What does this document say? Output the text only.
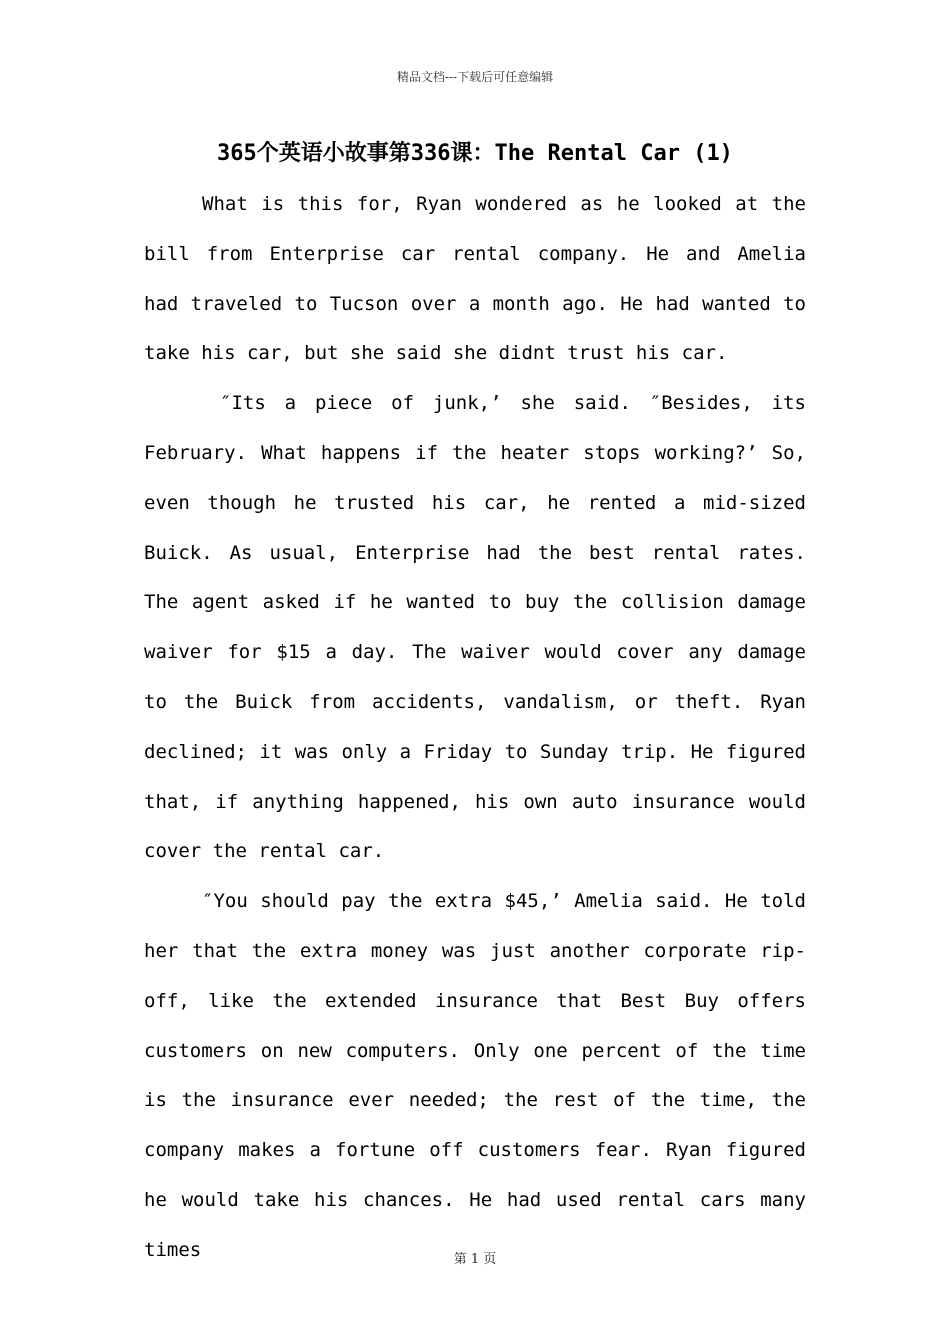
精品文档---下载后可任意编辑
365个英语小故事第336课：The Rental Car (1)

What is this for, Ryan wondered as he looked at the bill from Enterprise car rental company. He and Amelia had traveled to Tucson over a month ago. He had wanted to take his car, but she said she didnt trust his car.

″Its a piece of junk,’ she said. ″Besides, its February. What happens if the heater stops working?’ So, even though he trusted his car, he rented a mid-sized Buick. As usual, Enterprise had the best rental rates. The agent asked if he wanted to buy the collision damage waiver for $15 a day. The waiver would cover any damage to the Buick from accidents, vandalism, or theft. Ryan declined; it was only a Friday to Sunday trip. He figured that, if anything happened, his own auto insurance would cover the rental car.

″You should pay the extra $45,’ Amelia said. He told her that the extra money was just another corporate rip-off, like the extended insurance that Best Buy offers customers on new computers. Only one percent of the time is the insurance ever needed; the rest of the time, the company makes a fortune off customers fear. Ryan figured he would take his chances. He had used rental cars many times	第 1 页
